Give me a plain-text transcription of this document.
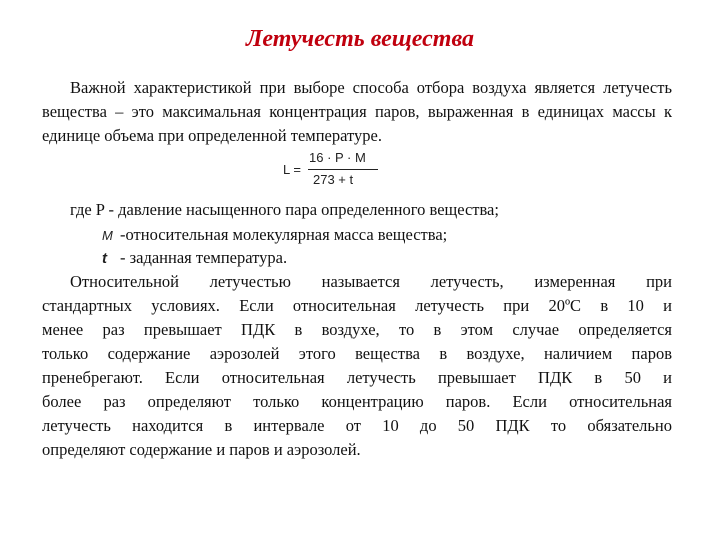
Летучесть вещества
Важной характеристикой при выборе способа отбора воздуха является летучесть вещества – это максимальная концентрация паров, выраженная в единицах массы к единице объема при определенной температуре.
L =
16 · P · M
273 + t
где P - давление насыщенного пара определенного вещества;
M -относительная молекулярная масса вещества;
t - заданная температура.
Относительной летучестью называется летучесть, измеренная при
стандартных условиях. Если относительная летучесть при 20ºС в 10 и
менее раз превышает ПДК в воздухе, то в этом случае определяется
только содержание аэрозолей этого вещества в воздухе, наличием паров
пренебрегают. Если относительная летучесть превышает ПДК в 50 и
более раз определяют только концентрацию паров. Если относительная
летучесть находится в интервале от 10 до 50 ПДК то обязательно
определяют содержание и паров и аэрозолей.
